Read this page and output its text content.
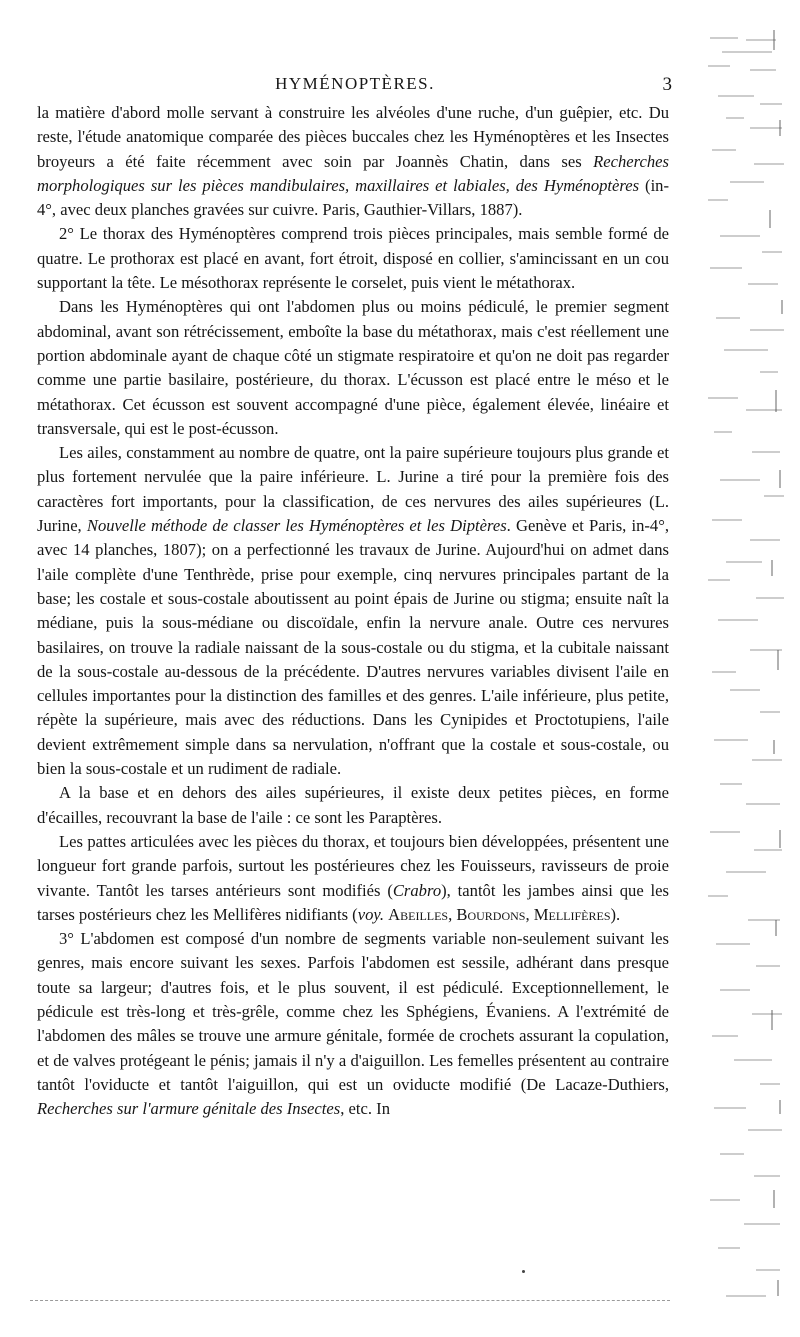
HYMÉNOPTÈRES.	3

la matière d'abord molle servant à construire les alvéoles d'une ruche, d'un guêpier, etc. Du reste, l'étude anatomique comparée des pièces buccales chez les Hyménoptères et les Insectes broyeurs a été faite récemment avec soin par Joannès Chatin, dans ses Recherches morphologiques sur les pièces mandibulaires, maxillaires et labiales, des Hyménoptères (in-4°, avec deux planches gravées sur cuivre. Paris, Gauthier-Villars, 1887).

2° Le thorax des Hyménoptères comprend trois pièces principales, mais semble formé de quatre. Le prothorax est placé en avant, fort étroit, disposé en collier, s'amincissant en un cou supportant la tête. Le mésothorax représente le corselet, puis vient le métathorax.

Dans les Hyménoptères qui ont l'abdomen plus ou moins pédiculé, le premier segment abdominal, avant son rétrécissement, emboîte la base du métathorax, mais c'est réellement une portion abdominale ayant de chaque côté un stigmate respiratoire et qu'on ne doit pas regarder comme une partie basilaire, postérieure, du thorax. L'écusson est placé entre le méso et le métathorax. Cet écusson est souvent accompagné d'une pièce, également élevée, linéaire et transversale, qui est le post-écusson.

Les ailes, constamment au nombre de quatre, ont la paire supérieure toujours plus grande et plus fortement nervulée que la paire inférieure. L. Jurine a tiré pour la première fois des caractères fort importants, pour la classification, de ces nervures des ailes supérieures (L. Jurine, Nouvelle méthode de classer les Hyménoptères et les Diptères. Genève et Paris, in-4°, avec 14 planches, 1807); on a perfectionné les travaux de Jurine. Aujourd'hui on admet dans l'aile complète d'une Tenthrède, prise pour exemple, cinq nervures principales partant de la base; les costale et sous-costale aboutissent au point épais de Jurine ou stigma; ensuite naît la médiane, puis la sous-médiane ou discoïdale, enfin la nervure anale. Outre ces nervures basilaires, on trouve la radiale naissant de la sous-costale ou du stigma, et la cubitale naissant de la sous-costale au-dessous de la précédente. D'autres nervures variables divisent l'aile en cellules importantes pour la distinction des familles et des genres. L'aile inférieure, plus petite, répète la supérieure, mais avec des réductions. Dans les Cynipides et Proctotupiens, l'aile devient extrêmement simple dans sa nervulation, n'offrant que la costale et sous-costale, ou bien la sous-costale et un rudiment de radiale.

A la base et en dehors des ailes supérieures, il existe deux petites pièces, en forme d'écailles, recouvrant la base de l'aile : ce sont les Paraptères.

Les pattes articulées avec les pièces du thorax, et toujours bien développées, présentent une longueur fort grande parfois, surtout les postérieures chez les Fouisseurs, ravisseurs de proie vivante. Tantôt les tarses antérieurs sont modifiés (Crabro), tantôt les jambes ainsi que les tarses postérieurs chez les Mellifères nidifiants (voy. Abeilles, Bourdons, Mellifères).

3° L'abdomen est composé d'un nombre de segments variable non-seulement suivant les genres, mais encore suivant les sexes. Parfois l'abdomen est sessile, adhérant dans presque toute sa largeur; d'autres fois, et le plus souvent, il est pédiculé. Exceptionnellement, le pédicule est très-long et très-grêle, comme chez les Sphégiens, Évaniens. A l'extrémité de l'abdomen des mâles se trouve une armure génitale, formée de crochets assurant la copulation, et de valves protégeant le pénis; jamais il n'y a d'aiguillon. Les femelles présentent au contraire tantôt l'oviducte et tantôt l'aiguillon, qui est un oviducte modifié (De Lacaze-Duthiers, Recherches sur l'armure génitale des Insectes, etc. In
